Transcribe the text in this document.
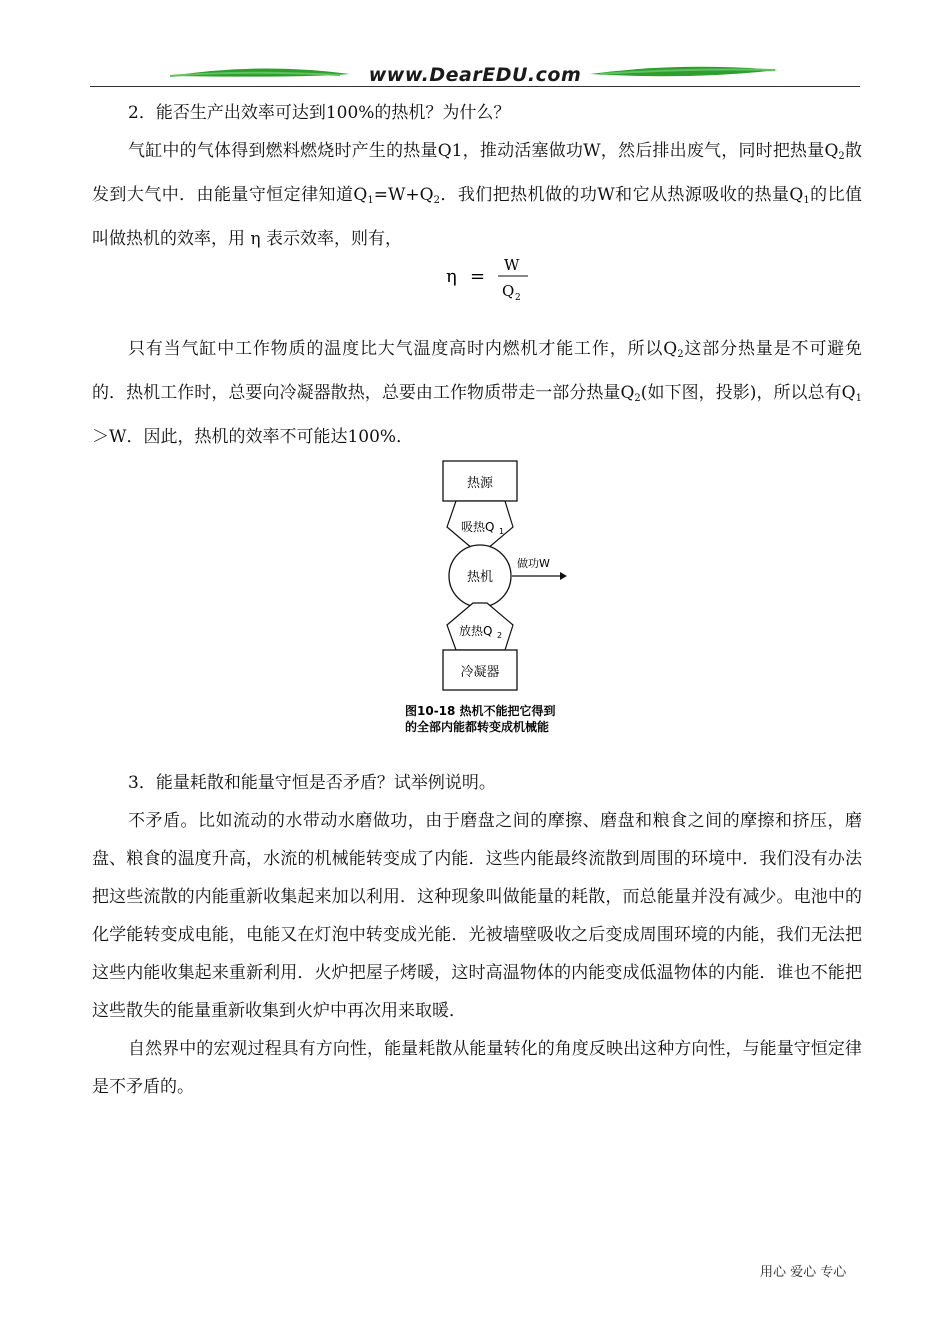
www.DearEDU.com

2．能否生产出效率可达到100%的热机？为什么？

气缸中的气体得到燃料燃烧时产生的热量Q1，推动活塞做功W，然后排出废气，同时把热量$Q_2$散发到大气中．由能量守恒定律知道$Q_1=W+Q_2$．我们把热机做的功W和它从热源吸收的热量$Q_1$的比值叫做热机的效率，用 η 表示效率，则有，

η =
W
Q 2

只有当气缸中工作物质的温度比大气温度高时内燃机才能工作，所以$Q_2$这部分热量是不可避免的．热机工作时，总要向冷凝器散热，总要由工作物质带走一部分热量$Q_2$(如下图，投影)，所以总有$Q_1>W$．因此，热机的效率不可能达100%．

热源
吸热Q 1
热机
做功W
放热Q 2
冷凝器
图10-18 热机不能把它得到
的全部内能都转变成机械能

3．能量耗散和能量守恒是否矛盾？试举例说明。

不矛盾。比如流动的水带动水磨做功，由于磨盘之间的摩擦、磨盘和粮食之间的摩擦和挤压，磨盘、粮食的温度升高，水流的机械能转变成了内能．这些内能最终流散到周围的环境中．我们没有办法把这些流散的内能重新收集起来加以利用．这种现象叫做能量的耗散，而总能量并没有减少。电池中的化学能转变成电能，电能又在灯泡中转变成光能．光被墙壁吸收之后变成周围环境的内能，我们无法把这些内能收集起来重新利用．火炉把屋子烤暖，这时高温物体的内能变成低温物体的内能．谁也不能把这些散失的能量重新收集到火炉中再次用来取暖．

自然界中的宏观过程具有方向性，能量耗散从能量转化的角度反映出这种方向性，与能量守恒定律是不矛盾的。

用心 爱心 专心
